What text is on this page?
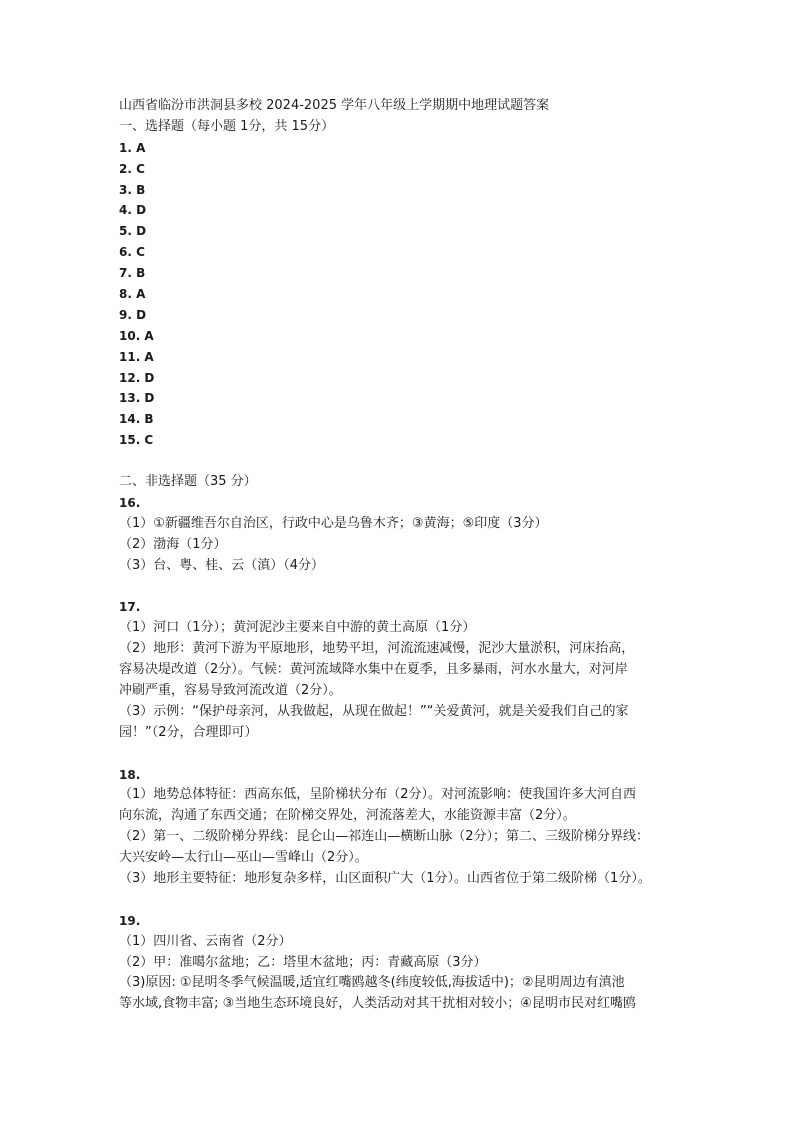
山西省临汾市洪洞县多校 2024-2025 学年八年级上学期期中地理试题答案
一、选择题（每小题 1分，共 15分）
1. A
2. C
3. B
4. D
5. D
6. C
7. B
8. A
9. D
10. A
11. A
12. D
13. D
14. B
15. C
二、非选择题（35 分）
16.
（1）①新疆维吾尔自治区，行政中心是乌鲁木齐；③黄海；⑤印度（3分）
（2）渤海（1分）
（3）台、粤、桂、云（滇）（4分）
17.
（1）河口（1分）；黄河泥沙主要来自中游的黄土高原（1分）
（2）地形：黄河下游为平原地形，地势平坦，河流流速减慢，泥沙大量淤积，河床抬高，
容易决堤改道（2分）。气候：黄河流域降水集中在夏季，且多暴雨，河水水量大，对河岸
冲刷严重，容易导致河流改道（2分）。
（3）示例：“保护母亲河，从我做起，从现在做起！”“关爱黄河，就是关爱我们自己的家
园！”（2分，合理即可）
18.
（1）地势总体特征：西高东低，呈阶梯状分布（2分）。对河流影响：使我国许多大河自西
向东流，沟通了东西交通；在阶梯交界处，河流落差大，水能资源丰富（2分）。
（2）第一、二级阶梯分界线：昆仑山—祁连山—横断山脉（2分）；第二、三级阶梯分界线：
大兴安岭—太行山—巫山—雪峰山（2分）。
（3）地形主要特征：地形复杂多样，山区面积广大（1分）。山西省位于第二级阶梯（1分）。
19.
（1）四川省、云南省（2分）
（2）甲：准噶尔盆地；乙：塔里木盆地；丙：青藏高原（3分）
（3)原因: ①昆明冬季气候温暖,适宜红嘴鸥越冬(纬度较低,海拔适中)；②昆明周边有滇池
等水域,食物丰富; ③当地生态环境良好，人类活动对其干扰相对较小；④昆明市民对红嘴鸥
